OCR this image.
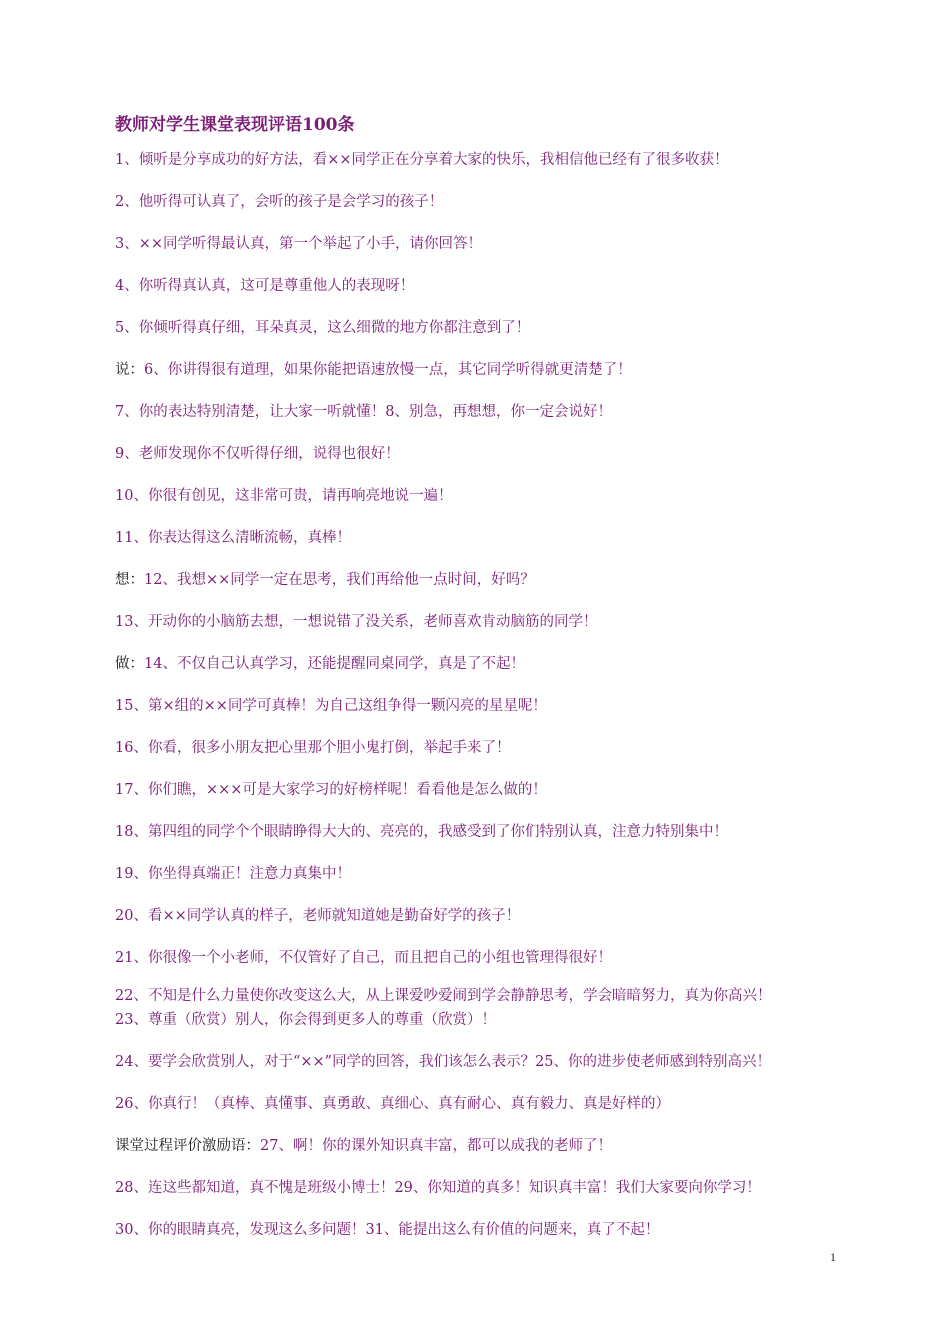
教师对学生课堂表现评语100条
1、倾听是分享成功的好方法，看××同学正在分享着大家的快乐，我相信他已经有了很多收获！
2、他听得可认真了，会听的孩子是会学习的孩子！
3、××同学听得最认真，第一个举起了小手，请你回答！
4、你听得真认真，这可是尊重他人的表现呀！
5、你倾听得真仔细，耳朵真灵，这么细微的地方你都注意到了！
说：6、你讲得很有道理，如果你能把语速放慢一点，其它同学听得就更清楚了！
7、你的表达特别清楚，让大家一听就懂！8、别急，再想想，你一定会说好！
9、老师发现你不仅听得仔细，说得也很好！
10、你很有创见，这非常可贵，请再响亮地说一遍！
11、你表达得这么清晰流畅，真棒！
想：12、我想××同学一定在思考，我们再给他一点时间，好吗？
13、开动你的小脑筋去想，一想说错了没关系，老师喜欢肯动脑筋的同学！
做：14、不仅自己认真学习，还能提醒同桌同学，真是了不起！
15、第×组的××同学可真棒！为自己这组争得一颗闪亮的星星呢！
16、你看，很多小朋友把心里那个胆小鬼打倒，举起手来了！
17、你们瞧，×××可是大家学习的好榜样呢！看看他是怎么做的！
18、第四组的同学个个眼睛睁得大大的、亮亮的，我感受到了你们特别认真，注意力特别集中！
19、你坐得真端正！注意力真集中！
20、看××同学认真的样子，老师就知道她是勤奋好学的孩子！
21、你很像一个小老师，不仅管好了自己，而且把自己的小组也管理得很好！
22、不知是什么力量使你改变这么大，从上课爱吵爱闹到学会静静思考，学会暗暗努力，真为你高兴！
23、尊重（欣赏）别人，你会得到更多人的尊重（欣赏）！
24、要学会欣赏别人，对于“××”同学的回答，我们该怎么表示？25、你的进步使老师感到特别高兴！
26、你真行！（真棒、真懂事、真勇敢、真细心、真有耐心、真有毅力、真是好样的）
课堂过程评价激励语：27、啊！你的课外知识真丰富，都可以成我的老师了！
28、连这些都知道，真不愧是班级小博士！29、你知道的真多！知识真丰富！我们大家要向你学习！
30、你的眼睛真亮，发现这么多问题！31、能提出这么有价值的问题来，真了不起！
1
